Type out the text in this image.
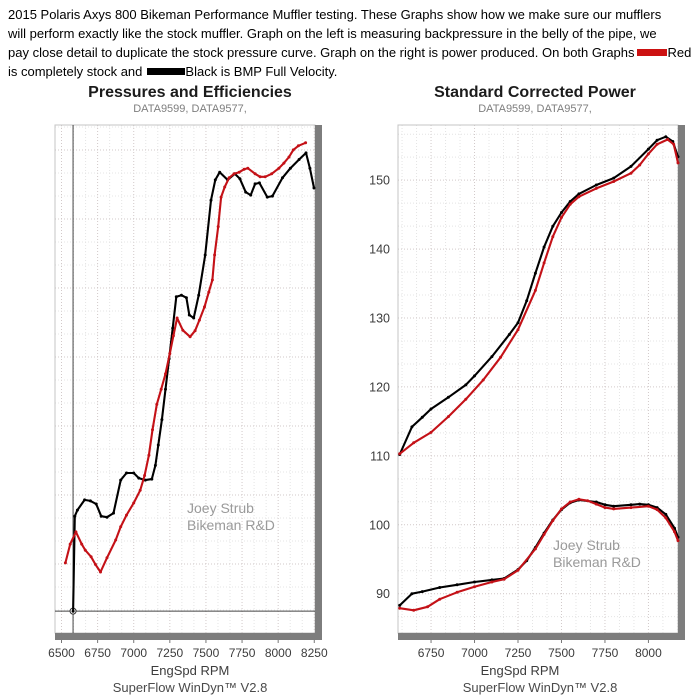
2015 Polaris Axys 800 Bikeman Performance Muffler testing. These Graphs show how we make sure our mufflers
will perform exactly like the stock muffler. Graph on the left is measuring backpressure in the belly of the pipe, we
pay close detail to duplicate the stock pressure curve. Graph on the right is power produced. On both Graphs	Red
is completely stock and	Black is BMP Full Velocity.
Pressures and Efficiencies
DATA9599, DATA9577,
6500 6750 7000 7250 7500 7750 8000 8250
EngSpd RPM
SuperFlow WinDyn™ V2.8
Joey Strub
Bikeman R&D
Standard Corrected Power
DATA9599, DATA9577,
6750 7000 7250 7500 7750 8000
90
100
110
120
130
140
150
EngSpd RPM
SuperFlow WinDyn™ V2.8
Joey Strub
Bikeman R&D
